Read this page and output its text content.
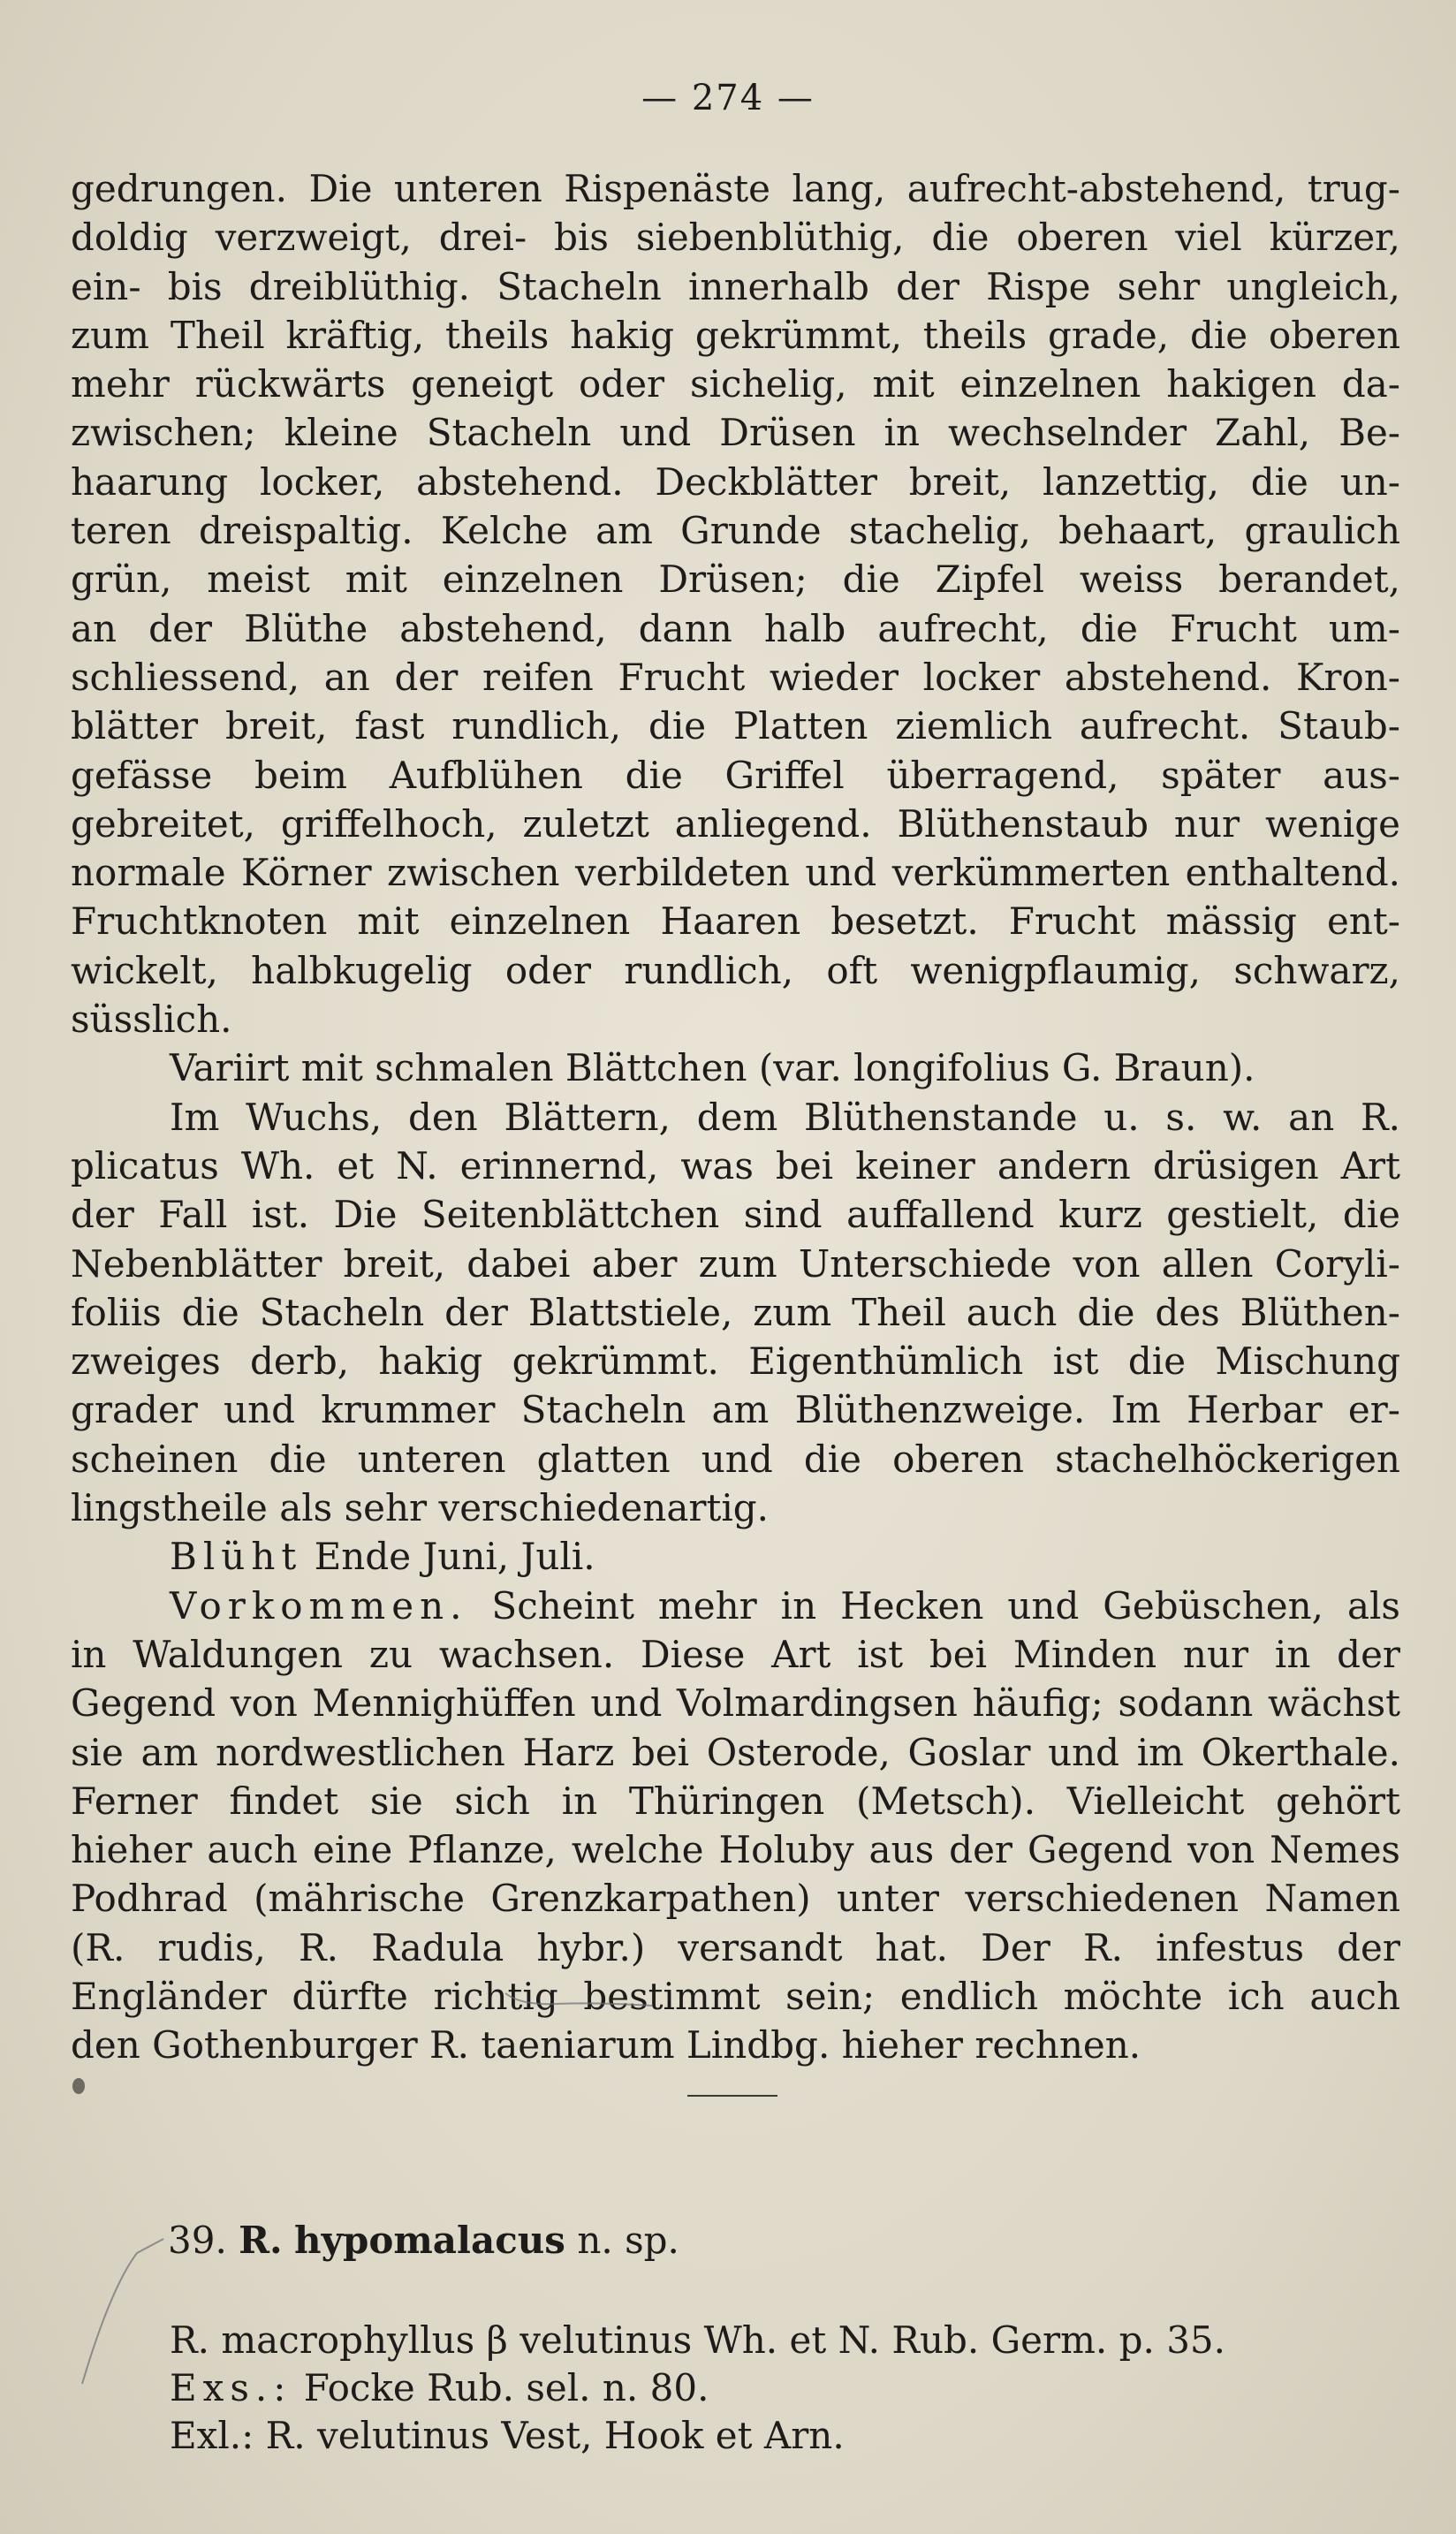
— 274 —
gedrungen. Die unteren Rispenäste lang, aufrecht-abstehend, trug-
doldig verzweigt, drei- bis siebenblüthig, die oberen viel kürzer,
ein- bis dreiblüthig. Stacheln innerhalb der Rispe sehr ungleich,
zum Theil kräftig, theils hakig gekrümmt, theils grade, die oberen
mehr rückwärts geneigt oder sichelig, mit einzelnen hakigen da-
zwischen; kleine Stacheln und Drüsen in wechselnder Zahl, Be-
haarung locker, abstehend. Deckblätter breit, lanzettig, die un-
teren dreispaltig. Kelche am Grunde stachelig, behaart, graulich
grün, meist mit einzelnen Drüsen; die Zipfel weiss berandet,
an der Blüthe abstehend, dann halb aufrecht, die Frucht um-
schliessend, an der reifen Frucht wieder locker abstehend. Kron-
blätter breit, fast rundlich, die Platten ziemlich aufrecht. Staub-
gefässe beim Aufblühen die Griffel überragend, später aus-
gebreitet, griffelhoch, zuletzt anliegend. Blüthenstaub nur wenige
normale Körner zwischen verbildeten und verkümmerten enthaltend.
Fruchtknoten mit einzelnen Haaren besetzt. Frucht mässig ent-
wickelt, halbkugelig oder rundlich, oft wenigpflaumig, schwarz,
süsslich.
Variirt mit schmalen Blättchen (var. longifolius G. Braun).
Im Wuchs, den Blättern, dem Blüthenstande u. s. w. an R.
plicatus Wh. et N. erinnernd, was bei keiner andern drüsigen Art
der Fall ist. Die Seitenblättchen sind auffallend kurz gestielt, die
Nebenblätter breit, dabei aber zum Unterschiede von allen Coryli-
foliis die Stacheln der Blattstiele, zum Theil auch die des Blüthen-
zweiges derb, hakig gekrümmt. Eigenthümlich ist die Mischung
grader und krummer Stacheln am Blüthenzweige. Im Herbar er-
scheinen die unteren glatten und die oberen stachelhöckerigen
lingstheile als sehr verschiedenartig.
Blüht Ende Juni, Juli.
Vorkommen. Scheint mehr in Hecken und Gebüschen, als
in Waldungen zu wachsen. Diese Art ist bei Minden nur in der
Gegend von Mennighüffen und Volmardingsen häufig; sodann wächst
sie am nordwestlichen Harz bei Osterode, Goslar und im Okerthale.
Ferner findet sie sich in Thüringen (Metsch). Vielleicht gehört
hieher auch eine Pflanze, welche Holuby aus der Gegend von Nemes
Podhrad (mährische Grenzkarpathen) unter verschiedenen Namen
(R. rudis, R. Radula hybr.) versandt hat. Der R. infestus der
Engländer dürfte richtig bestimmt sein; endlich möchte ich auch
den Gothenburger R. taeniarum Lindbg. hieher rechnen.
39. R. hypomalacus n. sp.
R. macrophyllus β velutinus Wh. et N. Rub. Germ. p. 35.
Exs.: Focke Rub. sel. n. 80.
Exl.: R. velutinus Vest, Hook et Arn.
